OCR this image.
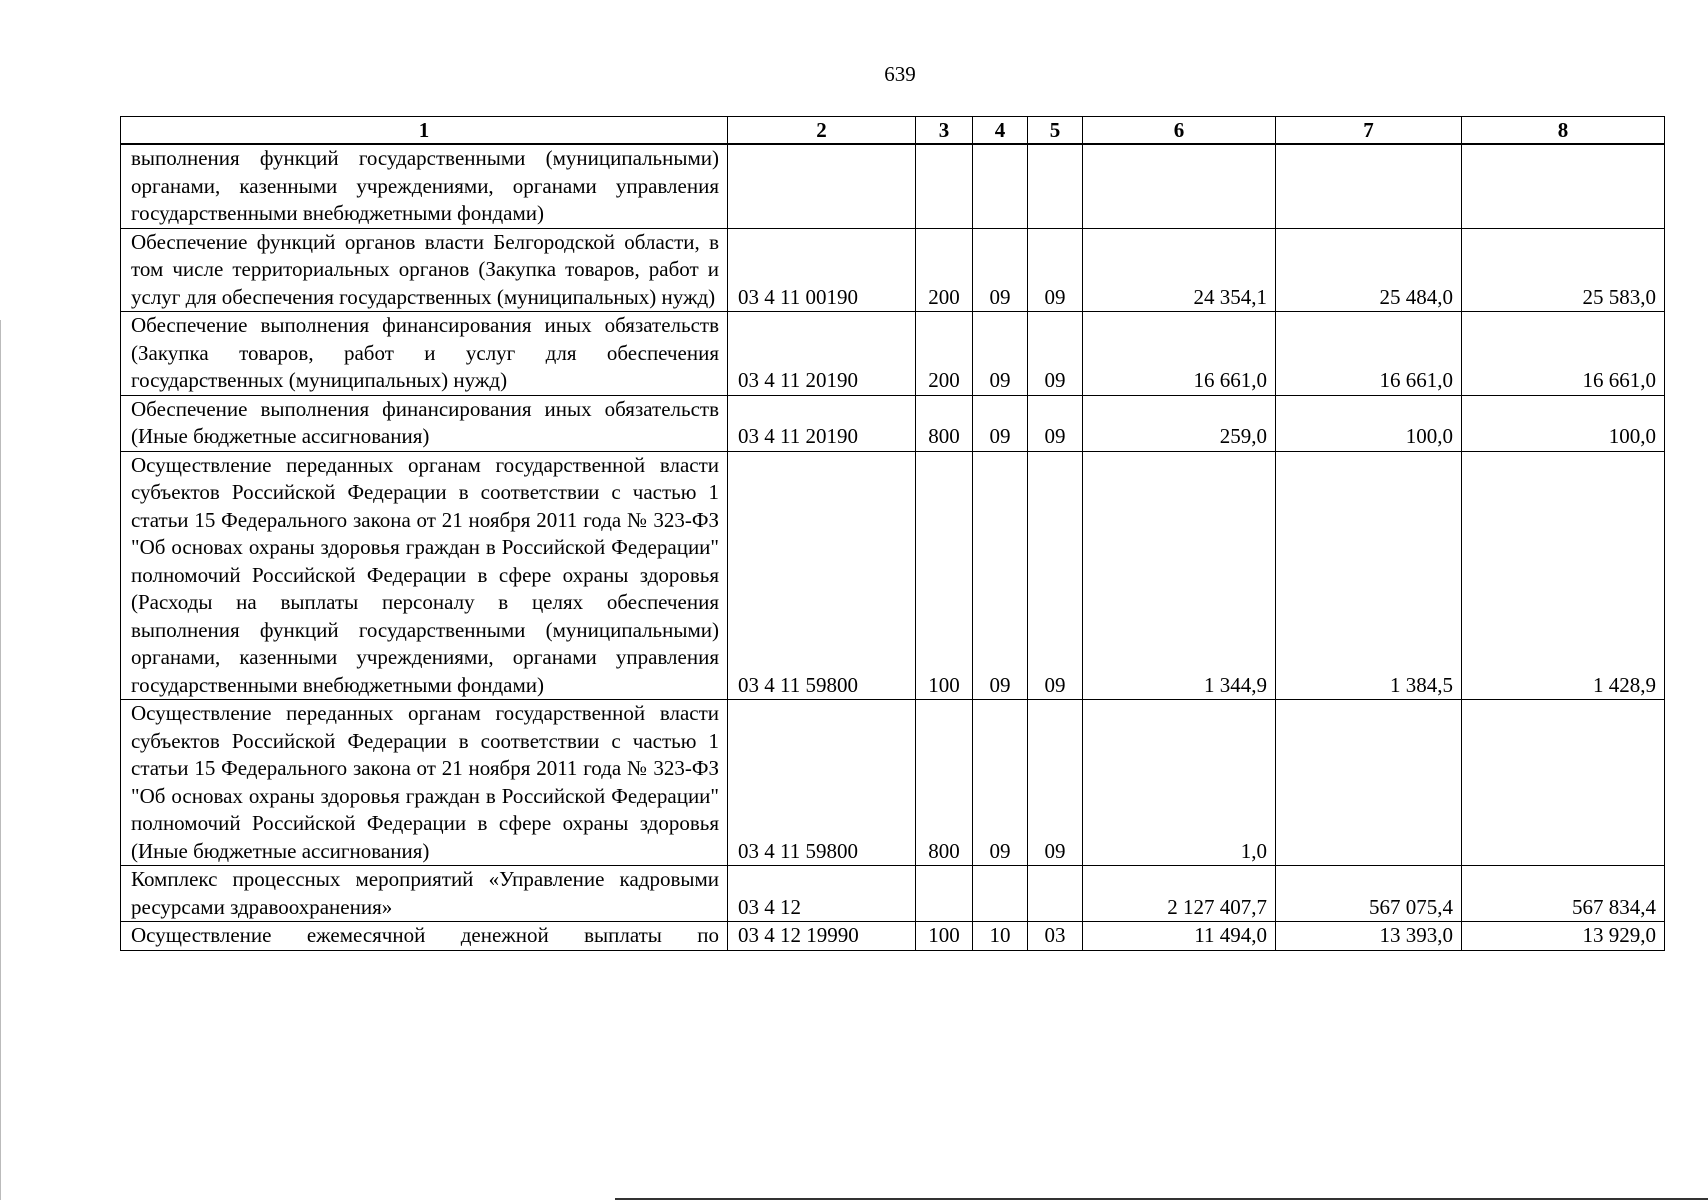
639
1	2	3	4	5	6	7	8
выполнения функций государственными (муниципальными) органами, казенными учреждениями, органами управления государственными внебюджетными фондами)							
Обеспечение функций органов власти Белгородской области, в том числе территориальных органов (Закупка товаров, работ и услуг для обеспечения государственных (муниципальных) нужд)	03 4 11 00190	200	09	09	24 354,1	25 484,0	25 583,0
Обеспечение выполнения финансирования иных обязательств (Закупка товаров, работ и услуг для обеспечения государственных (муниципальных) нужд)	03 4 11 20190	200	09	09	16 661,0	16 661,0	16 661,0
Обеспечение выполнения финансирования иных обязательств (Иные бюджетные ассигнования)	03 4 11 20190	800	09	09	259,0	100,0	100,0
Осуществление переданных органам государственной власти субъектов Российской Федерации в соответствии с частью 1 статьи 15 Федерального закона от 21 ноября 2011 года № 323-ФЗ "Об основах охраны здоровья граждан в Российской Федерации" полномочий Российской Федерации в сфере охраны здоровья (Расходы на выплаты персоналу в целях обеспечения выполнения функций государственными (муниципальными) органами, казенными учреждениями, органами управления государственными внебюджетными фондами)	03 4 11 59800	100	09	09	1 344,9	1 384,5	1 428,9
Осуществление переданных органам государственной власти субъектов Российской Федерации в соответствии с частью 1 статьи 15 Федерального закона от 21 ноября 2011 года № 323-ФЗ "Об основах охраны здоровья граждан в Российской Федерации" полномочий Российской Федерации в сфере охраны здоровья (Иные бюджетные ассигнования)	03 4 11 59800	800	09	09	1,0		
Комплекс процессных мероприятий «Управление кадровыми ресурсами здравоохранения»	03 4 12				2 127 407,7	567 075,4	567 834,4
Осуществление ежемесячной денежной выплаты по	03 4 12 19990	100	10	03	11 494,0	13 393,0	13 929,0
